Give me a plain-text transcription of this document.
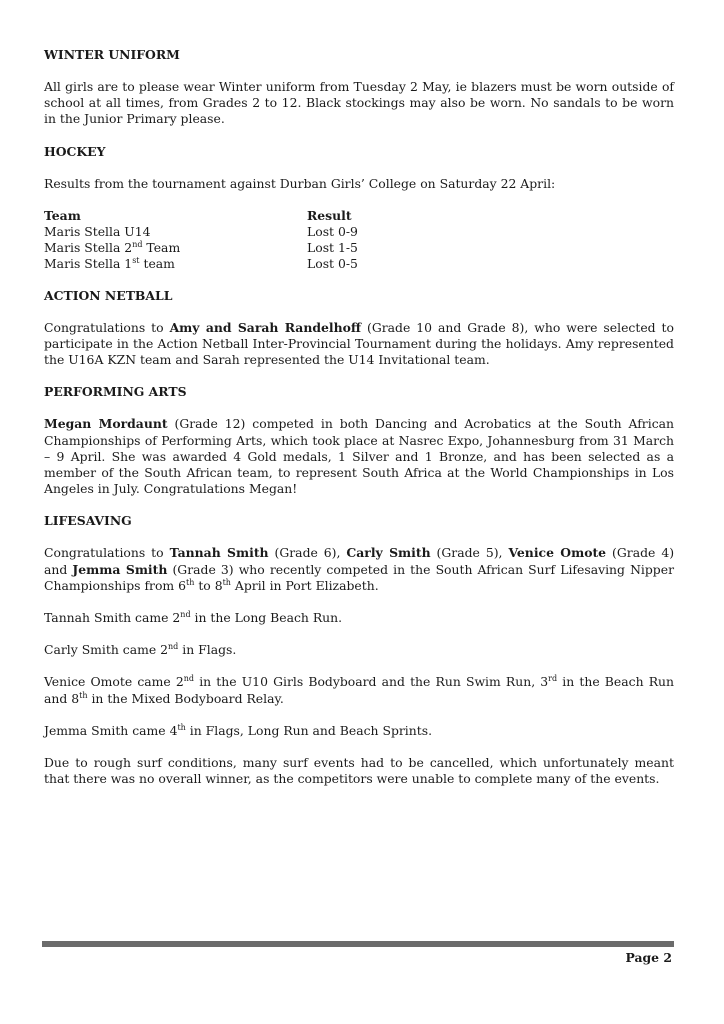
WINTER UNIFORM

All girls are to please wear Winter uniform from Tuesday 2 May, ie blazers must be worn outside of school at all times, from Grades 2 to 12. Black stockings may also be worn. No sandals to be worn in the Junior Primary please.

HOCKEY

Results from the tournament against Durban Girls’ College on Saturday 22 April:

Team	Result
Maris Stella U14	Lost 0-9
Maris Stella 2nd Team	Lost 1-5
Maris Stella 1st team	Lost 0-5
ACTION NETBALL

Congratulations to Amy and Sarah Randelhoff (Grade 10 and Grade 8), who were selected to participate in the Action Netball Inter-Provincial Tournament during the holidays. Amy represented the U16A KZN team and Sarah represented the U14 Invitational team.

PERFORMING ARTS

Megan Mordaunt (Grade 12) competed in both Dancing and Acrobatics at the South African Championships of Performing Arts, which took place at Nasrec Expo, Johannesburg from 31 March – 9 April. She was awarded 4 Gold medals, 1 Silver and 1 Bronze, and has been selected as a member of the South African team, to represent South Africa at the World Championships in Los Angeles in July. Congratulations Megan!

LIFESAVING

Congratulations to Tannah Smith (Grade 6), Carly Smith (Grade 5), Venice Omote (Grade 4) and Jemma Smith (Grade 3) who recently competed in the South African Surf Lifesaving Nipper Championships from 6th to 8th April in Port Elizabeth.

Tannah Smith came 2nd in the Long Beach Run.

Carly Smith came 2nd in Flags.

Venice Omote came 2nd in the U10 Girls Bodyboard and the Run Swim Run, 3rd in the Beach Run and 8th in the Mixed Bodyboard Relay.

Jemma Smith came 4th in Flags, Long Run and Beach Sprints.

Due to rough surf conditions, many surf events had to be cancelled, which unfortunately meant that there was no overall winner, as the competitors were unable to complete many of the events.

Page 2
